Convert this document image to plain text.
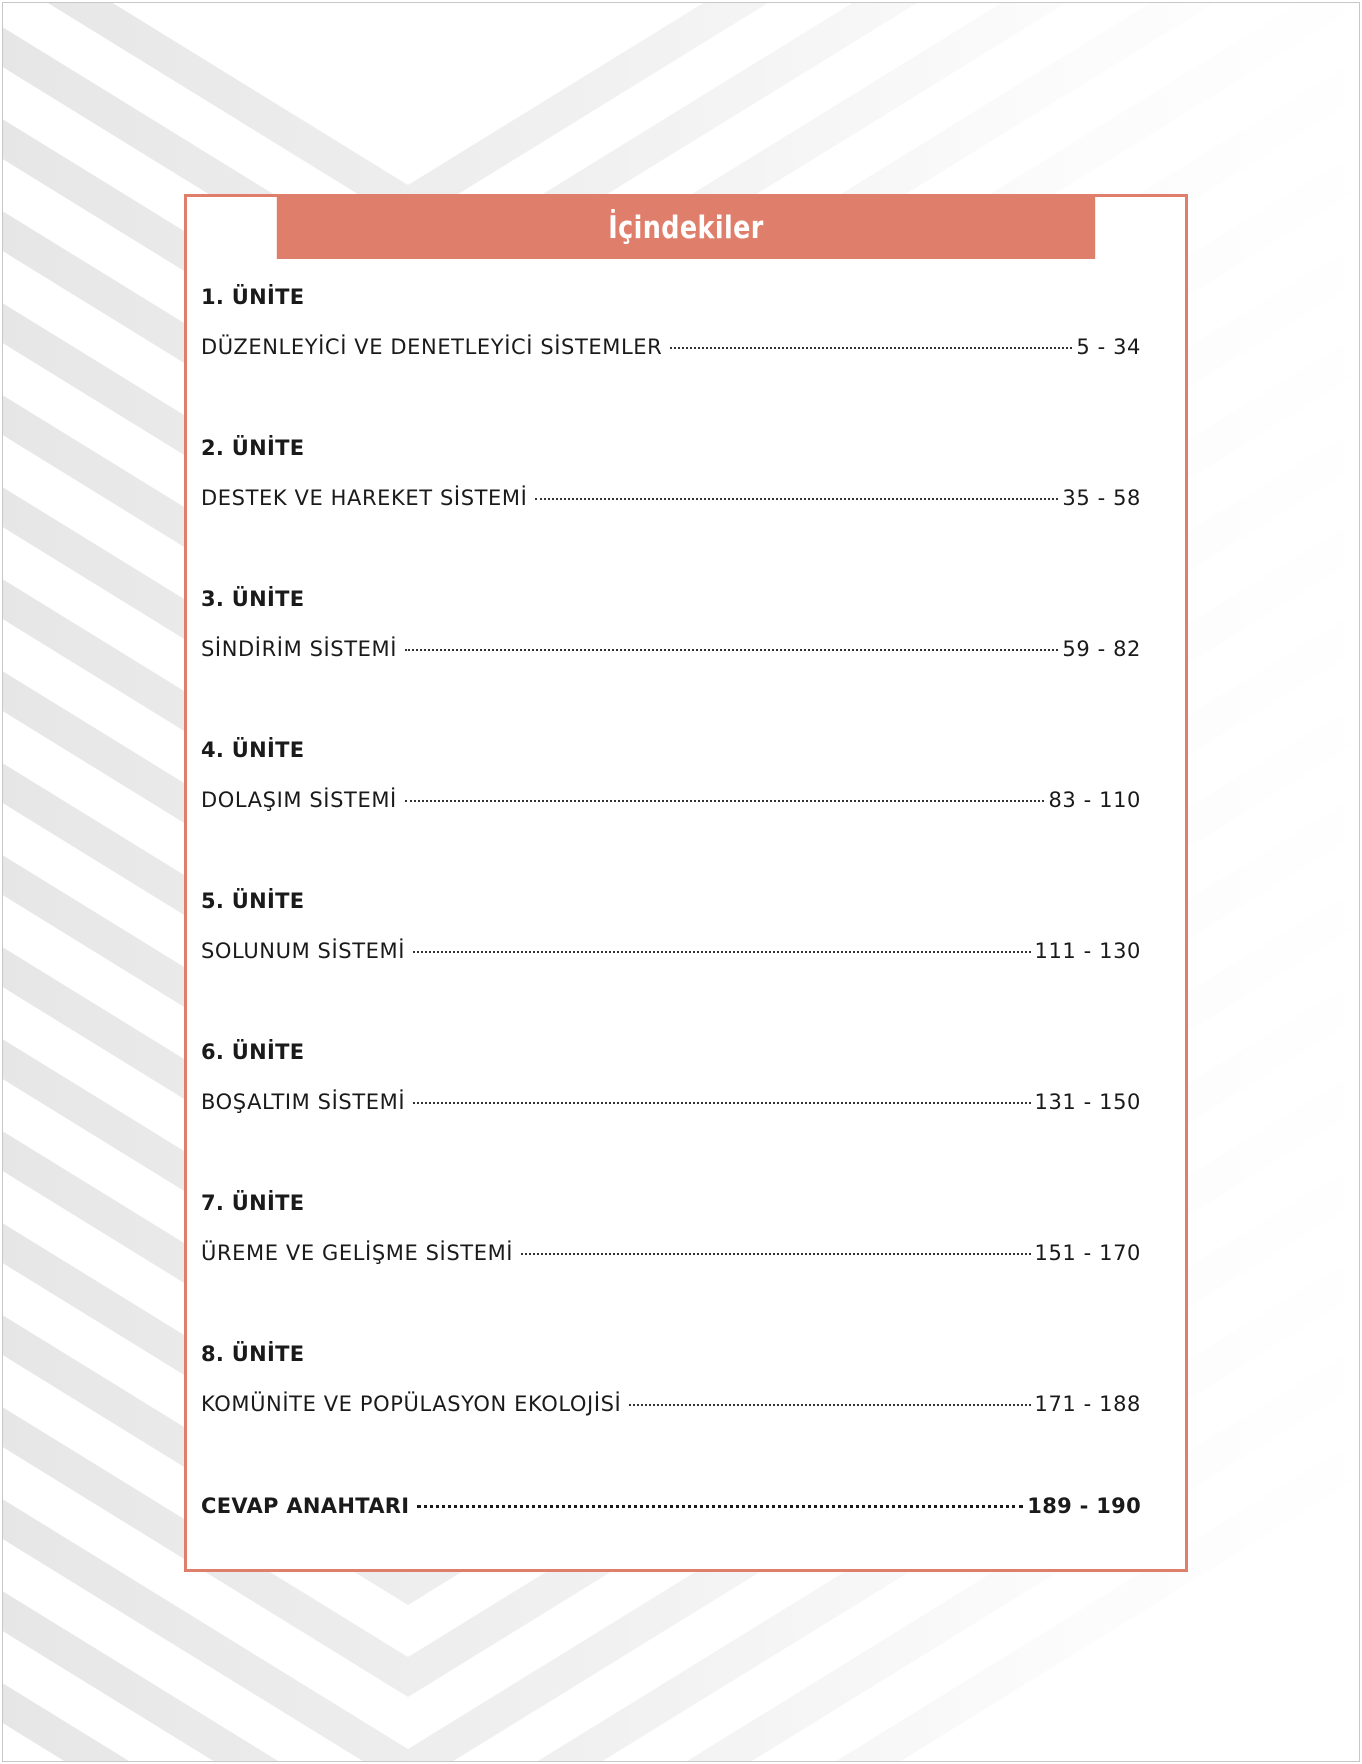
İçindekiler
1. ÜNİTE
DÜZENLEYİCİ VE DENETLEYİCİ SİSTEMLER	5 - 34
2. ÜNİTE
DESTEK VE HAREKET SİSTEMİ	35 - 58
3. ÜNİTE
SİNDİRİM SİSTEMİ	59 - 82
4. ÜNİTE
DOLAŞIM SİSTEMİ	83 - 110
5. ÜNİTE
SOLUNUM SİSTEMİ	111 - 130
6. ÜNİTE
BOŞALTIM SİSTEMİ	131 - 150
7. ÜNİTE
ÜREME VE GELİŞME SİSTEMİ	151 - 170
8. ÜNİTE
KOMÜNİTE VE POPÜLASYON EKOLOJİSİ	171 - 188
CEVAP ANAHTARI	189 - 190
